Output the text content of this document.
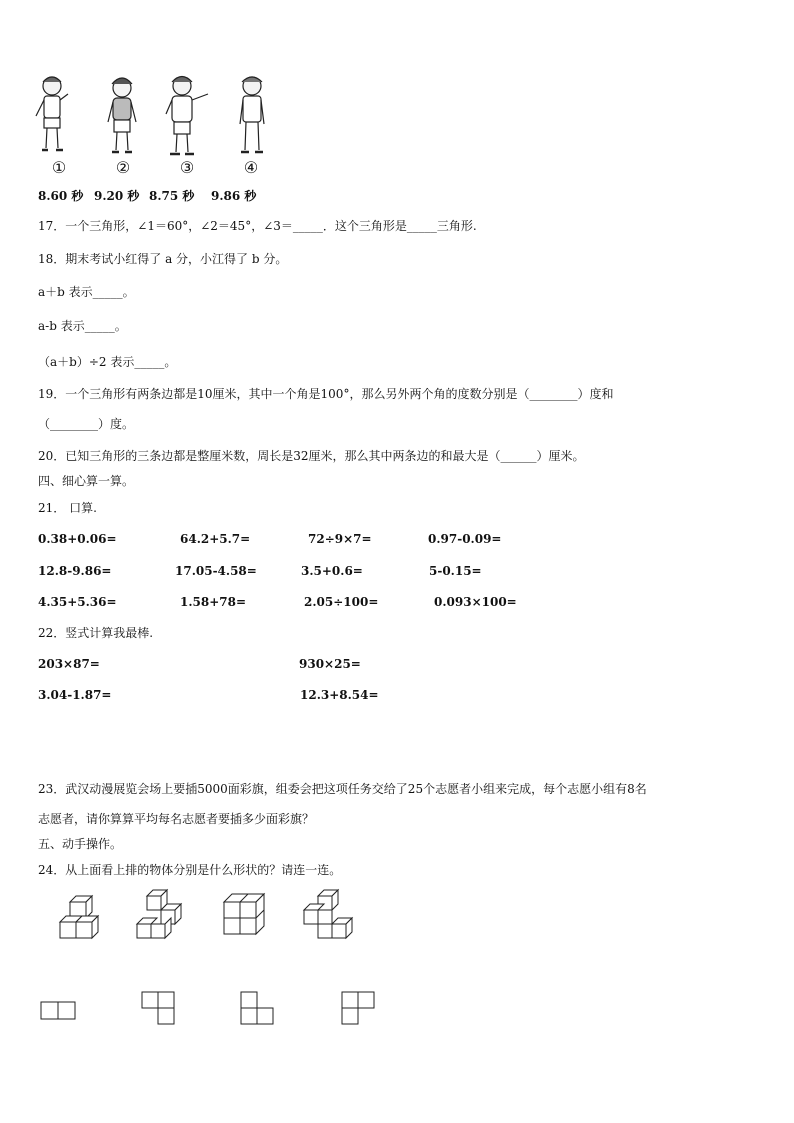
①	②	③	④
8.60 秒 9.20 秒 8.75 秒 9.86 秒
17．一个三角形，∠1＝60°，∠2＝45°，∠3＝_____．这个三角形是_____三角形.
18．期末考试小红得了 a 分，小江得了 b 分。
a＋b 表示_____。
a-b 表示_____。
（a＋b）÷2 表示_____。
19．一个三角形有两条边都是10厘米，其中一个角是100°，那么另外两个角的度数分别是（________）度和
（________）度。
20．已知三角形的三条边都是整厘米数，周长是32厘米，那么其中两条边的和最大是（______）厘米。
四、细心算一算。
21． 口算.
0.38+0.06=	64.2+5.7=	72÷9×7=	0.97-0.09=
12.8-9.86=	17.05-4.58=	3.5+0.6=	5-0.15=
4.35+5.36=	1.58+78=	2.05÷100=	0.093×100=
22．竖式计算我最棒.
203×87=	930×25=
3.04-1.87=	12.3+8.54=
23．武汉动漫展览会场上要插5000面彩旗，组委会把这项任务交给了25个志愿者小组来完成，每个志愿小组有8名
志愿者，请你算算平均每名志愿者要插多少面彩旗？
五、动手操作。
24．从上面看上排的物体分别是什么形状的？请连一连。
